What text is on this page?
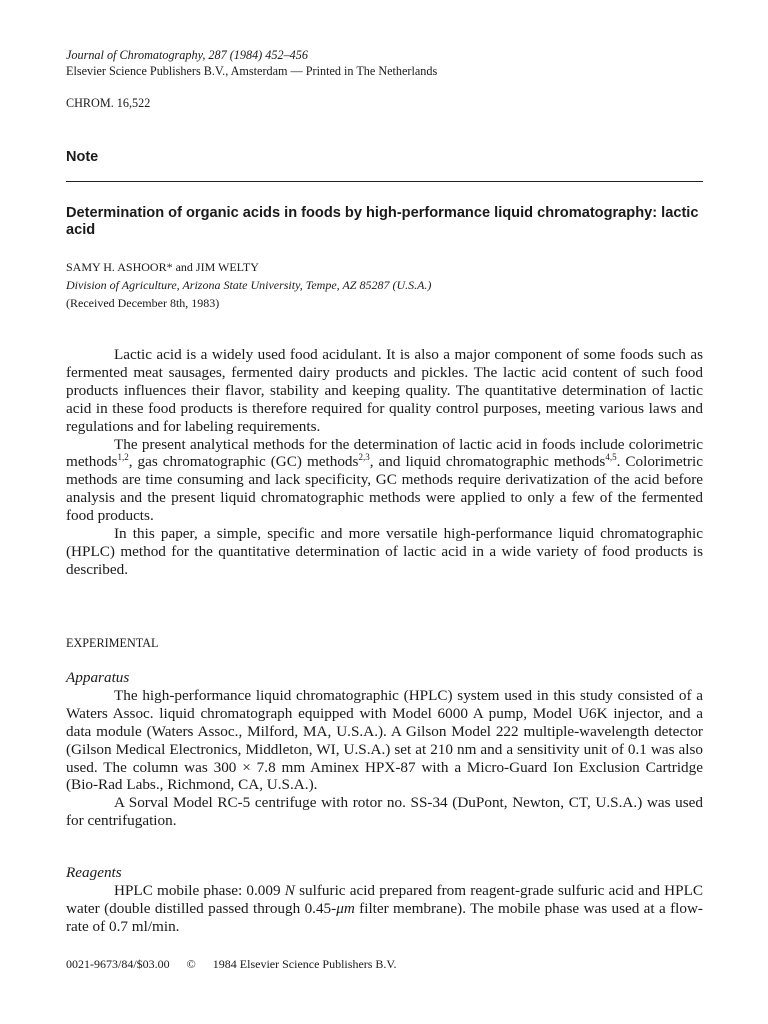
Journal of Chromatography, 287 (1984) 452–456
Elsevier Science Publishers B.V., Amsterdam — Printed in The Netherlands
CHROM. 16,522
Note
Determination of organic acids in foods by high-performance liquid chromatography: lactic acid
SAMY H. ASHOOR* and JIM WELTY
Division of Agriculture, Arizona State University, Tempe, AZ 85287 (U.S.A.)
(Received December 8th, 1983)

Lactic acid is a widely used food acidulant. It is also a major component of some foods such as fermented meat sausages, fermented dairy products and pickles. The lactic acid content of such food products influences their flavor, stability and keeping quality. The quantitative determination of lactic acid in these food products is therefore required for quality control purposes, meeting various laws and regulations and for labeling requirements.

The present analytical methods for the determination of lactic acid in foods include colorimetric methods$^{1,2}$, gas chromatographic (GC) methods$^{2,3}$, and liquid chromatographic methods$^{4,5}$. Colorimetric methods are time consuming and lack specificity, GC methods require derivatization of the acid before analysis and the present liquid chromatographic methods were applied to only a few of the fermented food products.

In this paper, a simple, specific and more versatile high-performance liquid chromatographic (HPLC) method for the quantitative determination of lactic acid in a wide variety of food products is described.

EXPERIMENTAL

Apparatus

The high-performance liquid chromatographic (HPLC) system used in this study consisted of a Waters Assoc. liquid chromatograph equipped with Model 6000 A pump, Model U6K injector, and a data module (Waters Assoc., Milford, MA, U.S.A.). A Gilson Model 222 multiple-wavelength detector (Gilson Medical Electronics, Middleton, WI, U.S.A.) set at 210 nm and a sensitivity unit of 0.1 was also used. The column was 300 × 7.8 mm Aminex HPX-87 with a Micro-Guard Ion Exclusion Cartridge (Bio-Rad Labs., Richmond, CA, U.S.A.).

A Sorval Model RC-5 centrifuge with rotor no. SS-34 (DuPont, Newton, CT, U.S.A.) was used for centrifugation.

Reagents

HPLC mobile phase: 0.009 N sulfuric acid prepared from reagent-grade sulfuric acid and HPLC water (double distilled passed through 0.45-μm filter membrane). The mobile phase was used at a flow-rate of 0.7 ml/min.

0021-9673/84/$03.00 © 1984 Elsevier Science Publishers B.V.
